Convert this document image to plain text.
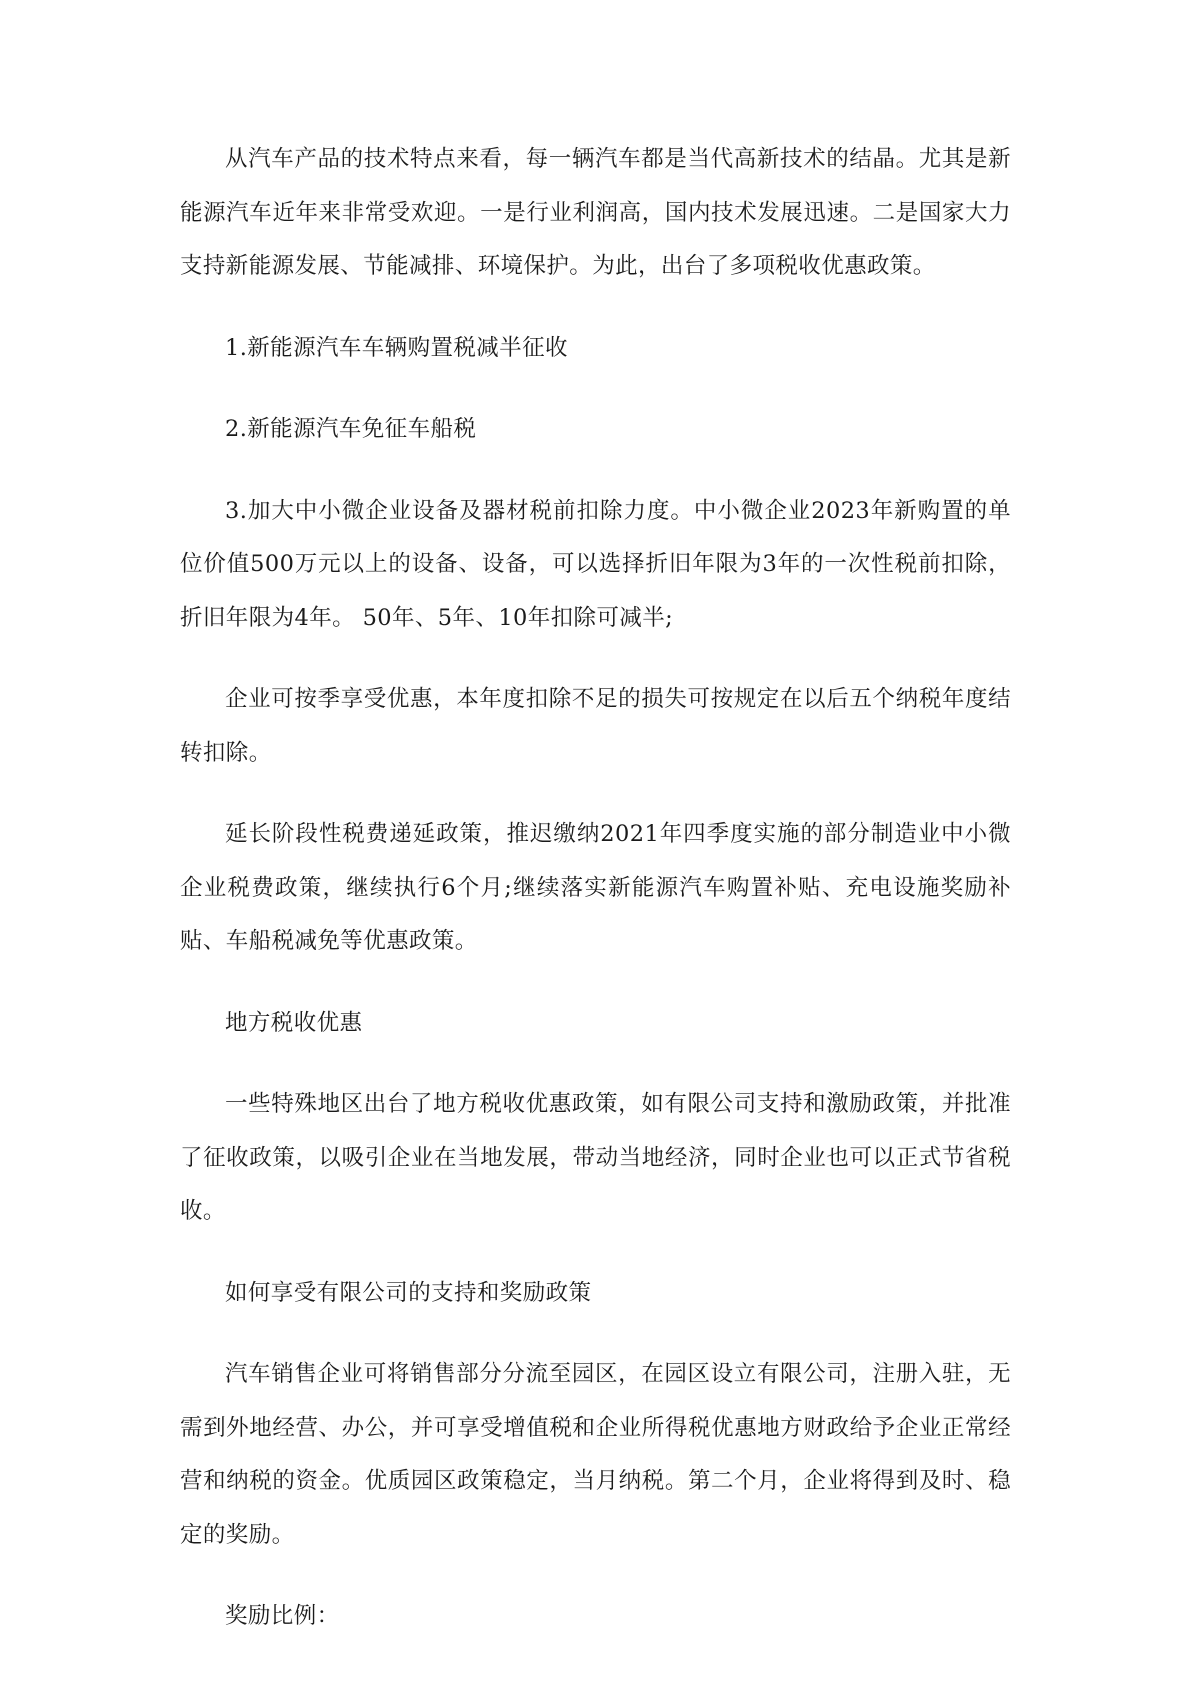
从汽车产品的技术特点来看，每一辆汽车都是当代高新技术的结晶。尤其是新能源汽车近年来非常受欢迎。一是行业利润高，国内技术发展迅速。二是国家大力支持新能源发展、节能减排、环境保护。为此，出台了多项税收优惠政策。

1.新能源汽车车辆购置税减半征收

2.新能源汽车免征车船税

3.加大中小微企业设备及器材税前扣除力度。中小微企业2023年新购置的单位价值500万元以上的设备、设备，可以选择折旧年限为3年的一次性税前扣除，折旧年限为4年。 50年、5年、10年扣除可减半;

企业可按季享受优惠，本年度扣除不足的损失可按规定在以后五个纳税年度结转扣除。

延长阶段性税费递延政策，推迟缴纳2021年四季度实施的部分制造业中小微企业税费政策，继续执行6个月;继续落实新能源汽车购置补贴、充电设施奖励补贴、车船税减免等优惠政策。

地方税收优惠

一些特殊地区出台了地方税收优惠政策，如有限公司支持和激励政策，并批准了征收政策，以吸引企业在当地发展，带动当地经济，同时企业也可以正式节省税收。

如何享受有限公司的支持和奖励政策

汽车销售企业可将销售部分分流至园区，在园区设立有限公司，注册入驻，无需到外地经营、办公，并可享受增值税和企业所得税优惠地方财政给予企业正常经营和纳税的资金。优质园区政策稳定，当月纳税。第二个月，企业将得到及时、稳定的奖励。

奖励比例：
